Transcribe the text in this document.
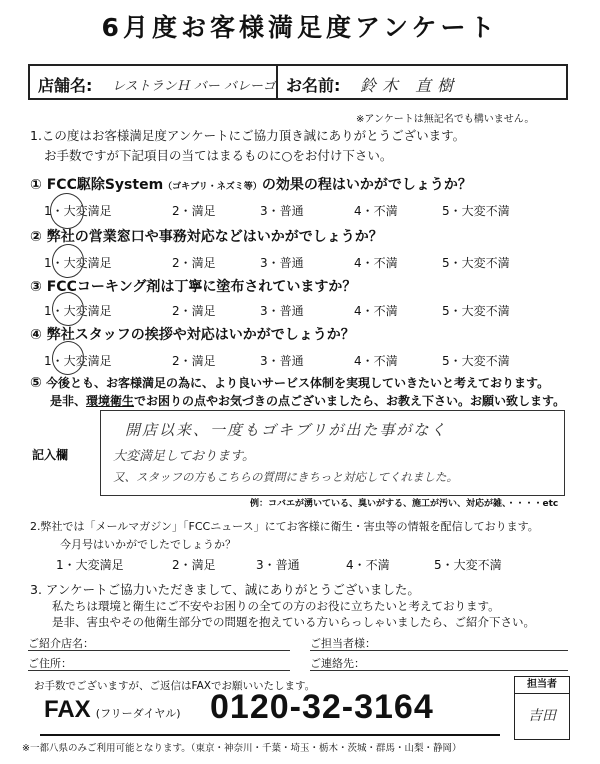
6月度お客様満足度アンケート
店舗名: レストランＨ バー バレーゴ お名前: 鈴木 直樹
※アンケートは無記名でも構いません。
1.この度はお客様満足度アンケートにご協力頂き誠にありがとうございます。
お手数ですが下記項目の当てはまるものに○をお付け下さい。
① FCC駆除System（ゴキブリ・ネズミ等）の効果の程はいかがでしょうか？
1・大変満足	2・満足	3・普通	4・不満	5・大変不満
② 弊社の営業窓口や事務対応などはいかがでしょうか？
1・大変満足	2・満足	3・普通	4・不満	5・大変不満
③ FCCコーキング剤は丁寧に塗布されていますか？
1・大変満足	2・満足	3・普通	4・不満	5・大変不満
④ 弊社スタッフの挨拶や対応はいかがでしょうか？
1・大変満足	2・満足	3・普通	4・不満	5・大変不満
⑤ 今後とも、お客様満足の為に、より良いサービス体制を実現していきたいと考えております。
是非、環境衛生でお困りの点やお気づきの点ございましたら、お教え下さい。お願い致します。
記入欄
開店以来、一度もゴキブリが出た事がなく
大変満足しております。
又、スタッフの方もこちらの質問にきちっと対応してくれました。
例：コバエが湧いている、臭いがする、施工が汚い、対応が雑、・・・・etc
2.弊社では「メールマガジン」「FCCニュース」にてお客様に衛生・害虫等の情報を配信しております。
今月号はいかがでしたでしょうか？
1・大変満足	2・満足	3・普通	4・不満	5・大変不満
3. アンケートご協力いただきまして、誠にありがとうございました。
私たちは環境と衛生にご不安やお困りの全ての方のお役に立ちたいと考えております。
是非、害虫やその他衛生部分での問題を抱えている方いらっしゃいましたら、ご紹介下さい。
ご紹介店名：	ご担当者様：
ご住所：	ご連絡先：
お手数でございますが、ご返信はFAXでお願いいたします。
FAX (フリーダイヤル) 0120-32-3164
※一都八県のみご利用可能となります。（東京・神奈川・千葉・埼玉・栃木・茨城・群馬・山梨・静岡）
担当者
吉田
